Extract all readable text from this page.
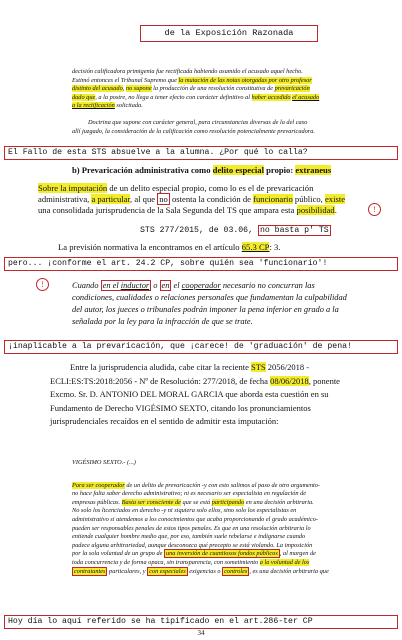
de la Exposición Razonada

decisión calificadora primigenia fue rectificada habiendo asumido el acusado aquel hecho.

Estimó entonces el Tribunal Supremo que la mutación de las notas otorgadas por otro profesor

distinto del acusado, no supone la producción de una resolución constitutiva de prevaricación

dado que, a la postre, no llega a tener efecto con carácter definitivo al haber accedido el acusado

a la rectificación solicitada.

Doctrina que supone con carácter general, para circunstancias diversas de la del caso

allí juzgado, la consideración de la calificación como resolución potencialmente prevaricadora.

El Fallo de esta STS absuelve a la alumna. ¿Por qué lo calla?
b) Prevaricación administrativa como delito especial propio: extraneus

Sobre la imputación de un delito especial propio, como lo es el de prevaricación

administrativa, a particular, al que no ostenta la condición de funcionario público, existe

una consolidada jurisprudencia de la Sala Segunda del TS que ampara esta posibilidad.	!
STS 277/2015, de 03.06, no basta p' TS
La previsión normativa la encontramos en el artículo 65.3 CP: 3.
pero... ¡conforme el art. 24.2 CP, sobre quién sea 'funcionario'!
!	Cuando en el inductor o en el cooperador necesario no concurran las

condiciones, cualidades o relaciones personales que fundamentan la culpabilidad

del autor, los jueces o tribunales podrán imponer la pena inferior en grado a la

señalada por la ley para la infracción de que se trate.

¡inaplicable a la prevaricación, que ¡carece! de 'graduación' de pena!

Entre la jurisprudencia aludida, cabe citar la reciente STS 2056/2018 -

ECLI:ES:TS:2018:2056 - Nº de Resolución: 277/2018, de fecha 08/06/2018, ponente

Excmo. Sr. D. ANTONIO DEL MORAL GARCIA que aborda esta cuestión en su

Fundamento de Derecho VIGÉSIMO SEXTO, citando los pronunciamientos

jurisprudenciales recaídos en el sentido de admitir esta imputación:

VIGÉSIMO SEXTO.- (...)

Para ser cooperador de un delito de prevaricación -y con esto salimos al paso de otro argumento-

no hace falta saber derecho administrativo; ni es necesario ser especialista en regulación de

empresas públicas. Basta ser consciente de que se está participando en una decisión arbitraria.

No solo los licenciados en derecho -y ni siquiera solo ellos, sino solo los especialistas en

administrativo si atendemos a los conocimientos que acaba proporcionando el grado académico-

pueden ser responsables penales de estos tipos penales. Es que en una resolución arbitraria lo

entiende cualquier hombre medio que, por eso, también suele rebelarse e indignarse cuando

padece alguna arbitrariedad, aunque desconozca qué precepto se está violando. La imposición

por la sola voluntad de un grupo de una inversión de cuantiosos fondos públicos , al margen de

toda concurrencia y de forma opaca, sin transparencia, con sometimiento a la voluntad de los

contratantes particulares, y con especiales exigencias o controles , es una decisión arbitraria que

Hoy día lo aquí referido se ha tipificado en el art.286-ter CP
34
